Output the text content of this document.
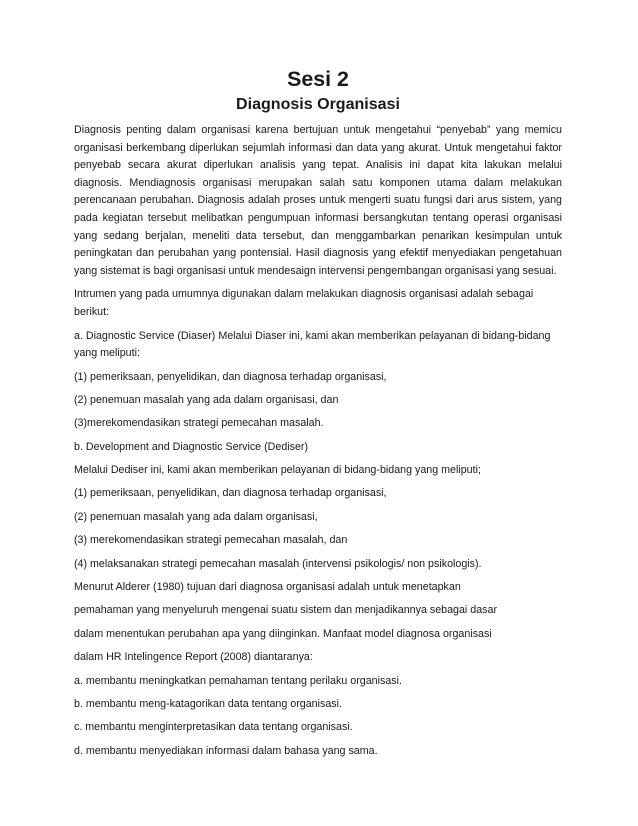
Sesi 2
Diagnosis Organisasi

Diagnosis penting dalam organisasi karena bertujuan untuk mengetahui “penyebab” yang memicu organisasi berkembang diperlukan sejumlah informasi dan data yang akurat. Untuk mengetahui faktor penyebab secara akurat diperlukan analisis yang tepat. Analisis ini dapat kita lakukan melalui diagnosis. Mendiagnosis organisasi merupakan salah satu komponen utama dalam melakukan perencanaan perubahan. Diagnosis adalah proses untuk mengerti suatu fungsi dari arus sistem, yang pada kegiatan tersebut melibatkan pengumpuan informasi bersangkutan tentang operasi organisasi yang sedang berjalan, meneliti data tersebut, dan menggambarkan penarikan kesimpulan untuk peningkatan dan perubahan yang pontensial. Hasil diagnosis yang efektif menyediakan pengetahuan yang sistemat is bagi organisasi untuk mendesaign intervensi pengembangan organisasi yang sesuai.

Intrumen yang pada umumnya digunakan dalam melakukan diagnosis organisasi adalah sebagai berikut:

a. Diagnostic Service (Diaser) Melalui Diaser ini, kami akan memberikan pelayanan di bidang-bidang yang meliputi:

(1) pemeriksaan, penyelidikan, dan diagnosa terhadap organisasi,

(2) penemuan masalah yang ada dalam organisasi, dan

(3)merekomendasikan strategi pemecahan masalah.

b. Development and Diagnostic Service (Dediser)

Melalui Dediser ini, kami akan memberikan pelayanan di bidang-bidang yang meliputi;

(1) pemeriksaan, penyelidikan, dan diagnosa terhadap organisasi,

(2) penemuan masalah yang ada dalam organisasi,

(3) merekomendasikan strategi pemecahan masalah, dan

(4) melaksanakan strategi pemecahan masalah (intervensi psikologis/ non psikologis).

Menurut Alderer (1980) tujuan dari diagnosa organisasi adalah untuk menetapkan

pemahaman yang menyeluruh mengenai suatu sistem dan menjadikannya sebagai dasar

dalam menentukan perubahan apa yang diinginkan. Manfaat model diagnosa organisasi

dalam HR Intelingence Report (2008) diantaranya:

a. membantu meningkatkan pemahaman tentang perilaku organisasi.

b. membantu meng-katagorikan data tentang organisasi.

c. membantu menginterpretasikan data tentang organisasi.

d. membantu menyediakan informasi dalam bahasa yang sama.
